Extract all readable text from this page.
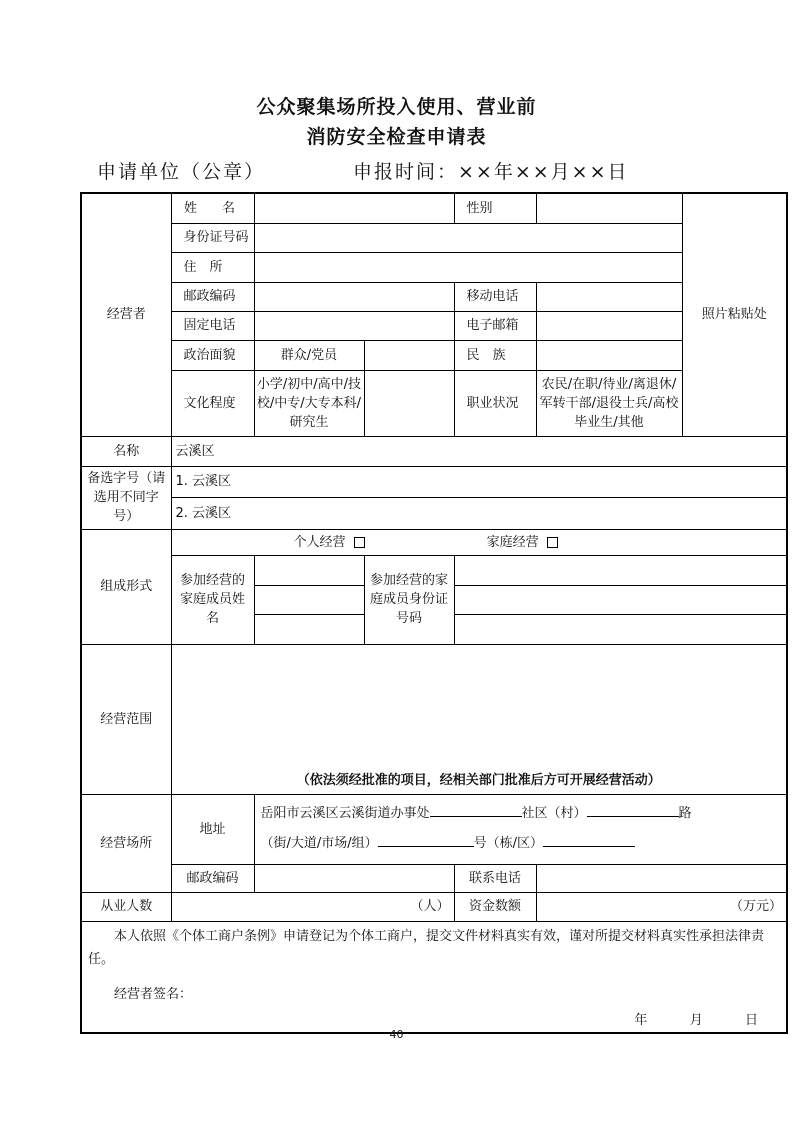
公众聚集场所投入使用、营业前
消防安全检查申请表
申请单位（公章）	申报时间：××年××月××日
经营者	姓　名			性别		照片粘贴处
	身份证号码					
	住　所					
	邮政编码			移动电话		
	固定电话			电子邮箱		
	政治面貌	群众/党员		民　族		
	文化程度	小学/初中/高中/技校/中专/大专本科/研究生		职业状况	农民/在职/待业/离退休/军转干部/退役士兵/高校毕业生/其他	

名称	云溪区					
备选字号（请选用不同字号）	1. 云溪区					
	2. 云溪区					
组成形式	个人经营 家庭经营					
	参加经营的家庭成员姓名		参加经营的家庭成员身份证号码			

经营范围	（依法须经批准的项目，经相关部门批准后方可开展经营活动）					

经营场所	地址	岳阳市云溪区云溪街道办事处 社区（村） 路
（街/大道/市场/组） 号（栋/区）				

	邮政编码			联系电话		
从业人数	（人）			资金数额	（万元）	

本人依照《个体工商户条例》申请登记为个体工商户，提交文件材料真实有效，谨对所提交材料真实性承担法律责任。
经营者签名：
年 月 日						
40
